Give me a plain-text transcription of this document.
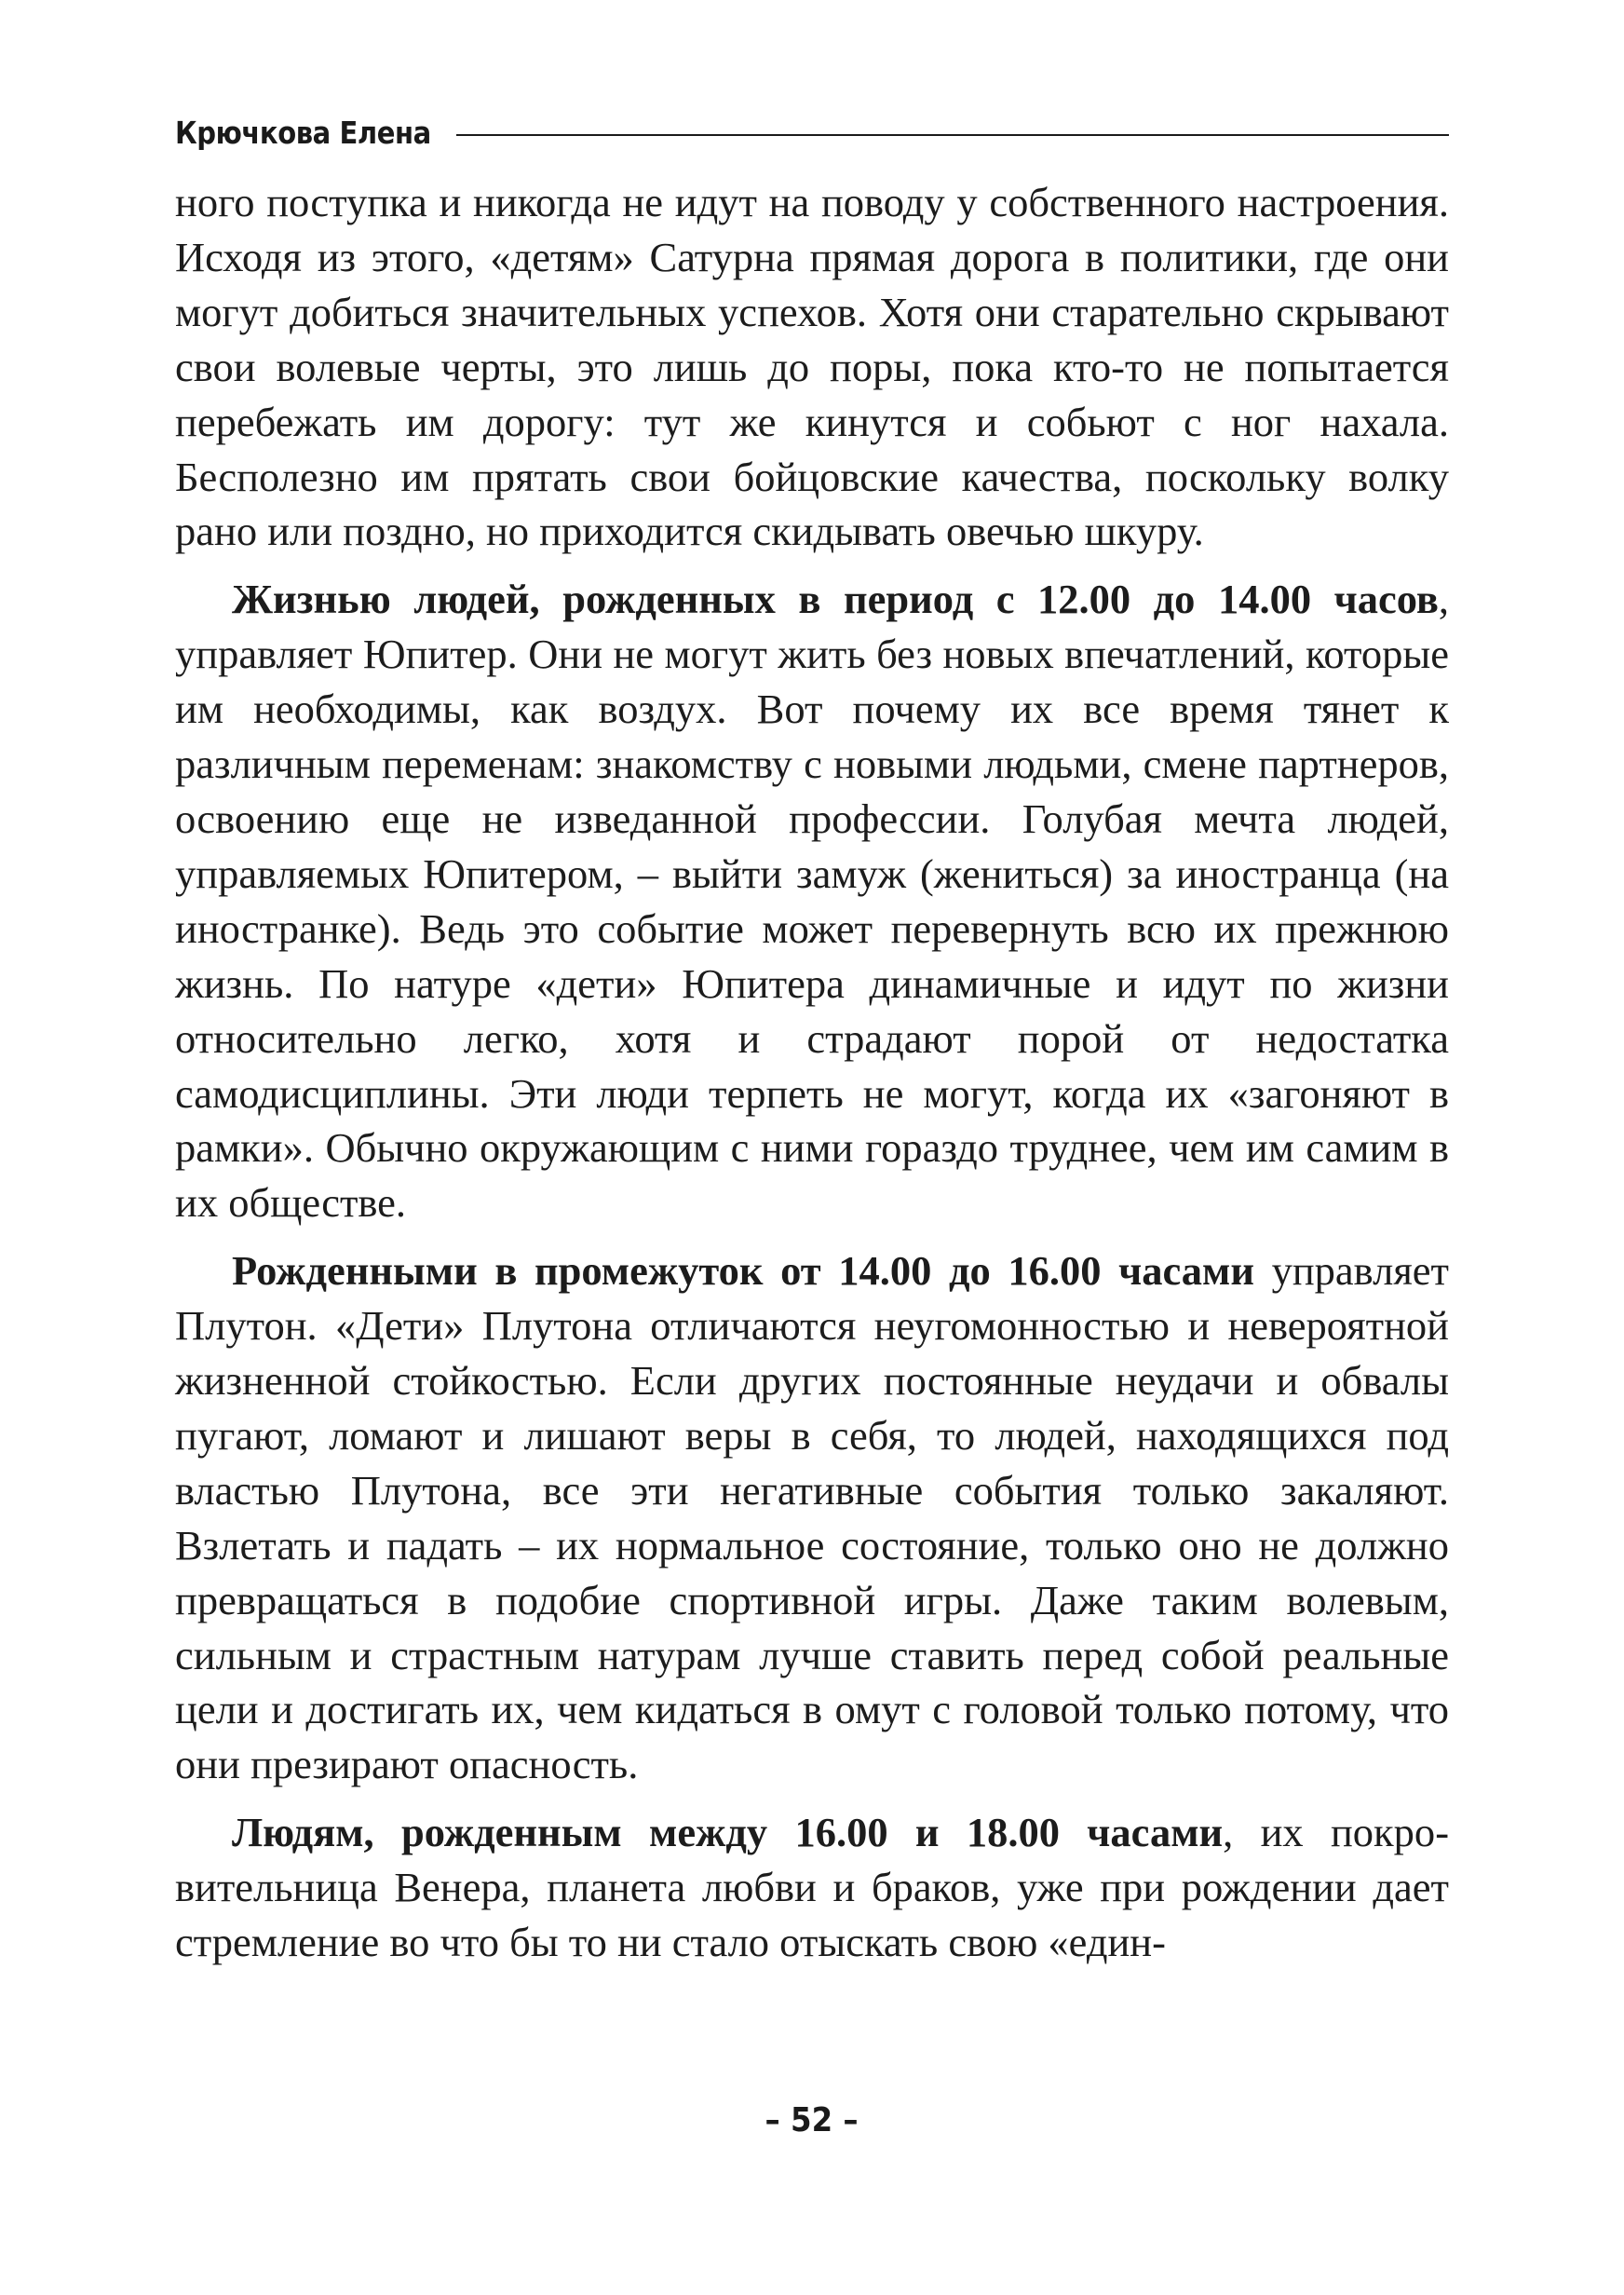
Крючкова Елена

ного поступка и никогда не идут на поводу у собственного настроения. Исходя из этого, «детям» Сатурна прямая дорога в политики, где они могут добиться значительных успехов. Хотя они старательно скрывают свои волевые черты, это лишь до поры, пока кто-то не попытается перебежать им дорогу: тут же кинутся и собьют с ног нахала. Бесполезно им прятать свои бойцовские качества, поскольку волку рано или поздно, но приходится скидывать овечью шкуру.

Жизнью людей, рожденных в период с 12.00 до 14.00 часов, управляет Юпитер. Они не могут жить без новых впечатлений, которые им необходимы, как воздух. Вот почему их все время тянет к различным переменам: знакомству с новыми людьми, смене партнеров, освоению еще не изведанной профессии. Голубая мечта людей, управляемых Юпитером, – выйти замуж (жениться) за иностранца (на иностранке). Ведь это событие может перевернуть всю их прежнюю жизнь. По натуре «дети» Юпитера динамичные и идут по жизни относительно легко, хотя и страдают порой от недостатка самодисциплины. Эти люди терпеть не могут, когда их «загоняют в рамки». Обычно окружающим с ними гораздо труднее, чем им самим в их обществе.

Рожденными в промежуток от 14.00 до 16.00 часами управляет Плутон. «Дети» Плутона отличаются неугомонностью и невероятной жизненной стойкостью. Если других постоянные неудачи и обвалы пугают, ломают и лишают веры в себя, то людей, находящихся под властью Плутона, все эти негативные события только закаляют. Взлетать и падать – их нормальное состояние, только оно не должно превращаться в подобие спортивной игры. Даже таким волевым, сильным и страстным натурам лучше ставить перед собой реальные цели и достигать их, чем кидаться в омут с головой только потому, что они презирают опасность.

Людям, рожденным между 16.00 и 18.00 часами, их покровительница Венера, планета любви и браков, уже при рождении дает стремление во что бы то ни стало отыскать свою «един-

– 52 –
